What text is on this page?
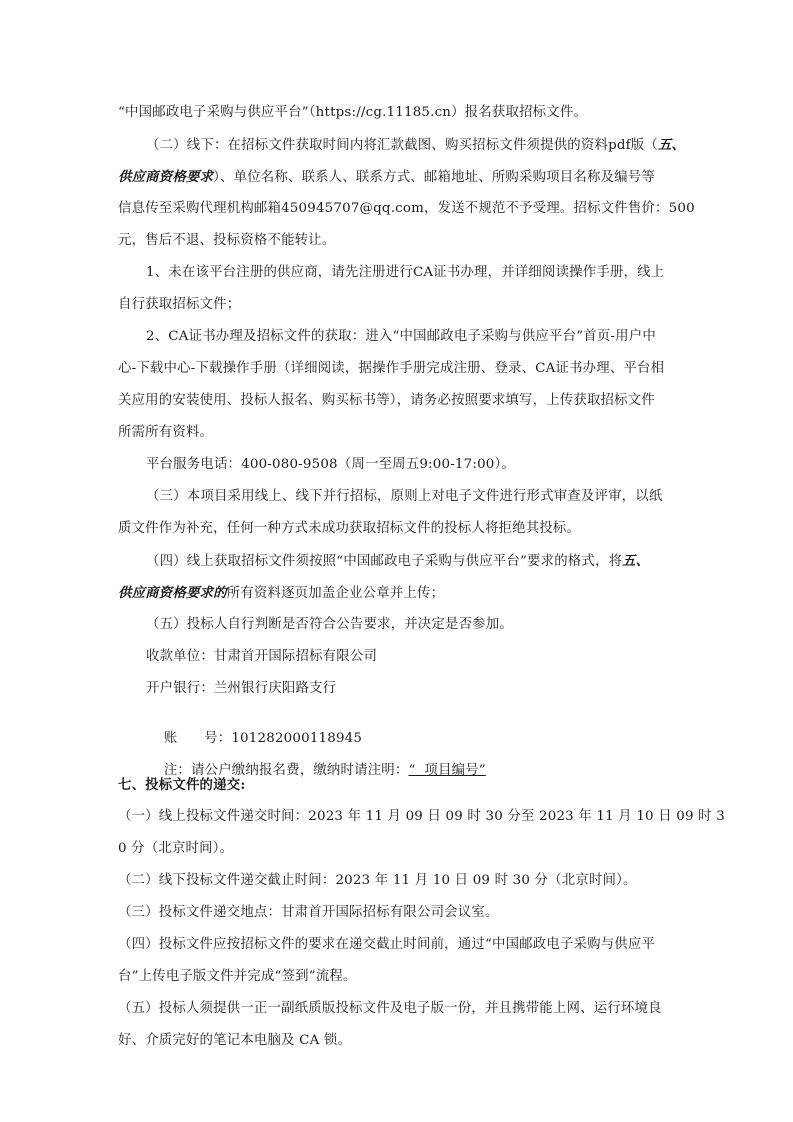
“中国邮政电子采购与供应平台”（https://cg.11185.cn）报名获取招标文件。
（二）线下：在招标文件获取时间内将汇款截图、购买招标文件须提供的资料pdf版（五、
供应商资格要求）、单位名称、联系人、联系方式、邮箱地址、所购采购项目名称及编号等
信息传至采购代理机构邮箱450945707@qq.com，发送不规范不予受理。招标文件售价：500
元，售后不退、投标资格不能转让。
1、未在该平台注册的供应商，请先注册进行CA证书办理，并详细阅读操作手册，线上
自行获取招标文件；
2、CA证书办理及招标文件的获取：进入“中国邮政电子采购与供应平台”首页-用户中
心-下载中心-下载操作手册（详细阅读，据操作手册完成注册、登录、CA证书办理、平台相
关应用的安装使用、投标人报名、购买标书等），请务必按照要求填写，上传获取招标文件
所需所有资料。
平台服务电话：400-080-9508（周一至周五9:00-17:00）。
（三）本项目采用线上、线下并行招标，原则上对电子文件进行形式审查及评审，以纸
质文件作为补充，任何一种方式未成功获取招标文件的投标人将拒绝其投标。
（四）线上获取招标文件须按照“中国邮政电子采购与供应平台”要求的格式，将五、
供应商资格要求的所有资料逐页加盖企业公章并上传；
（五）投标人自行判断是否符合公告要求，并决定是否参加。
收款单位：甘肃首开国际招标有限公司
开户银行：兰州银行庆阳路支行

账      号：101282000118945

注：请公户缴纳报名费，缴纳时请注明：“  项目编号”

七、投标文件的递交:
（一）线上投标文件递交时间：2023 年 11 月 09 日 09 时 30 分至 2023 年 11 月 10 日 09 时 3
0 分（北京时间）。
（二）线下投标文件递交截止时间：2023 年 11 月 10 日 09 时 30 分（北京时间）。
（三）投标文件递交地点：甘肃首开国际招标有限公司会议室。
（四）投标文件应按招标文件的要求在递交截止时间前，通过“中国邮政电子采购与供应平
台”上传电子版文件并完成“签到”流程。
（五）投标人须提供一正一副纸质版投标文件及电子版一份，并且携带能上网、运行环境良
好、介质完好的笔记本电脑及 CA 锁。
